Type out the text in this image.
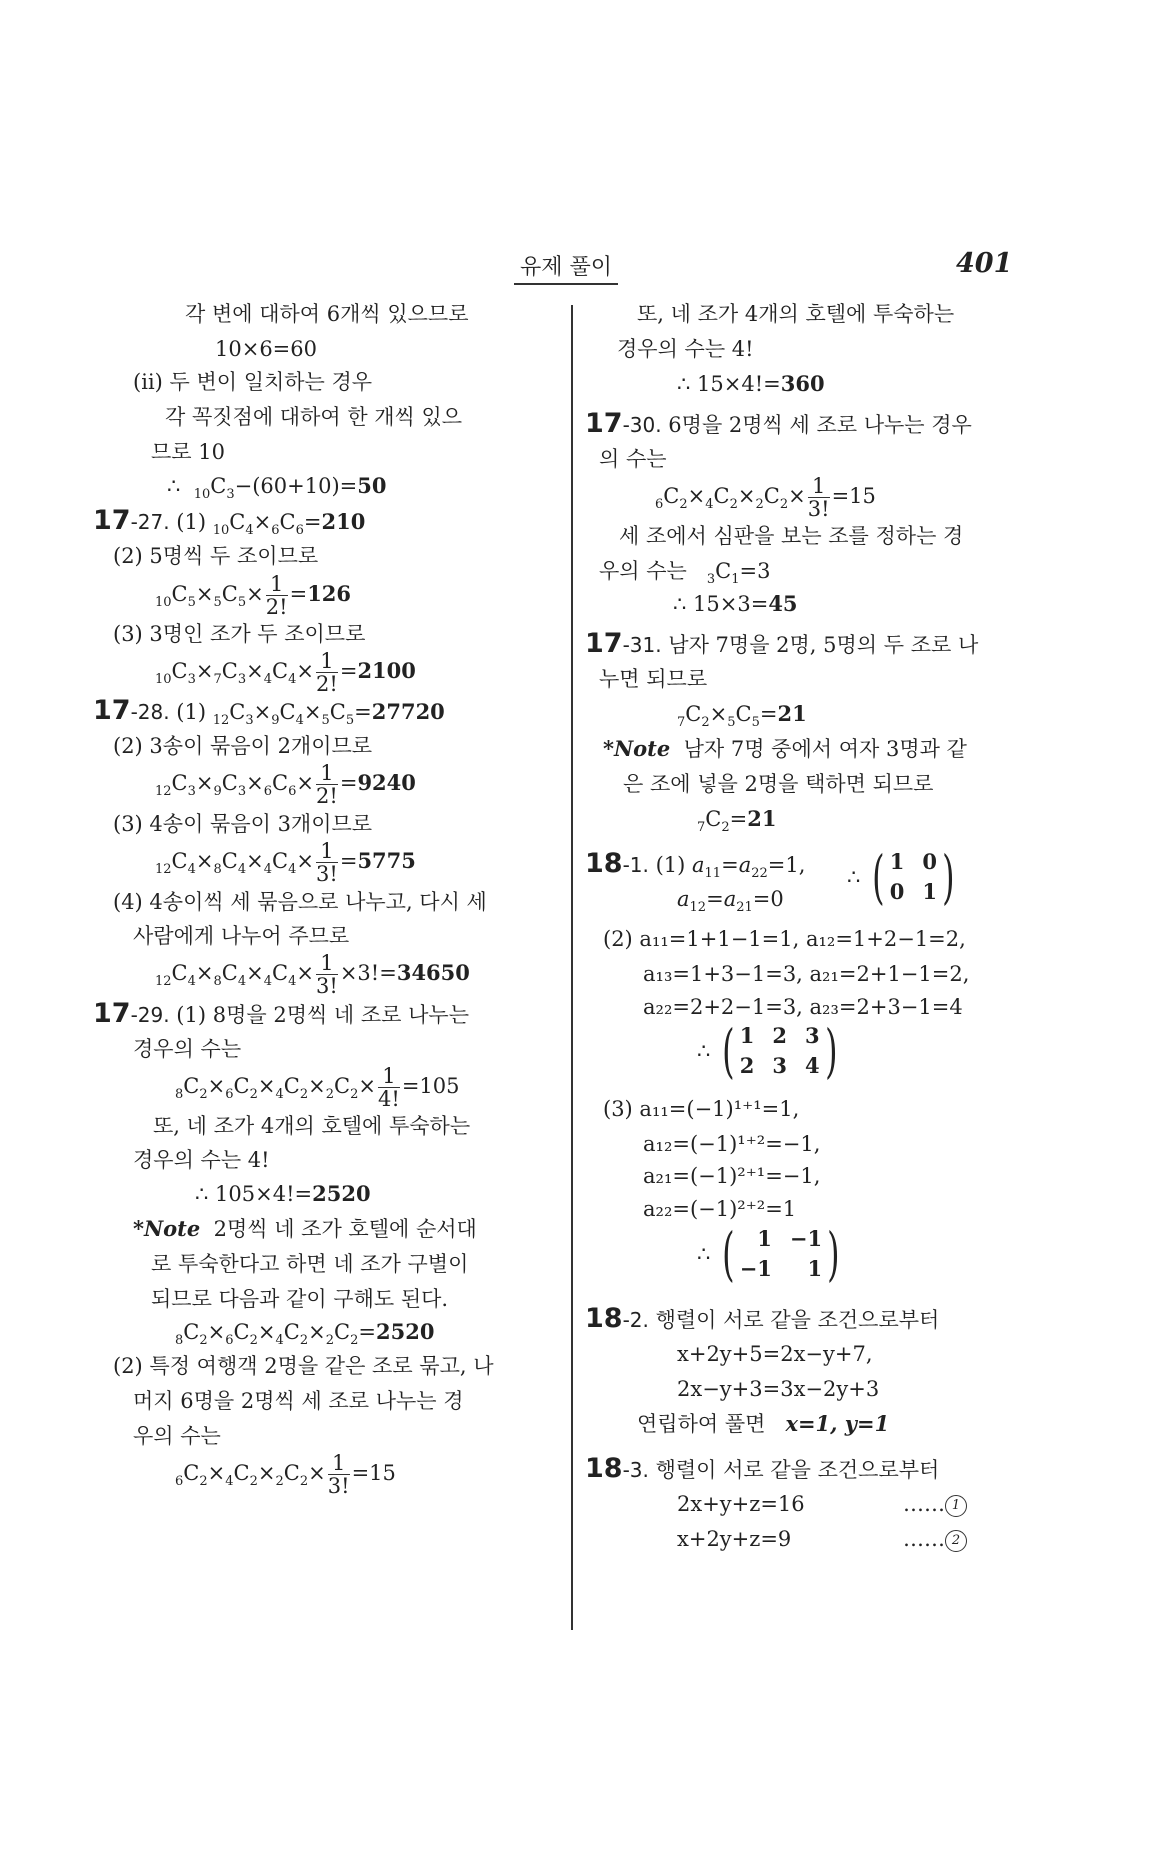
유제 풀이	401
각 변에 대하여 6개씩 있으므로
10×6=60
(ⅱ) 두 변이 일치하는 경우
각 꼭짓점에 대하여 한 개씩 있으
므로 10
∴ $_{10}C_3-(60+10)=50$
17-27. (1) $_{10}C_4\times_6C_6=210$
(2) 5명씩 두 조이므로
$_{10}C_5\times_5C_5\times \frac{1}{2!} =126$
(3) 3명인 조가 두 조이므로
$_{10}C_3\times_7C_3\times_4C_4\times \frac{1}{2!} =2100$
17-28. (1) $_{12}C_3\times_9C_4\times_5C_5=27720$
(2) 3송이 묶음이 2개이므로
$_{12}C_3\times_9C_3\times_6C_6\times \frac{1}{2!} =9240$
(3) 4송이 묶음이 3개이므로
$_{12}C_4\times_8C_4\times_4C_4\times \frac{1}{3!} =5775$
(4) 4송이씩 세 묶음으로 나누고, 다시 세
사람에게 나누어 주므로
$_{12}C_4\times_8C_4\times_4C_4\times \frac{1}{3!} \times 3!=34650$
17-29. (1) 8명을 2명씩 네 조로 나누는
경우의 수는
$_8C_2\times_6C_2\times_4C_2\times_2C_2\times \frac{1}{4!} =105$
또, 네 조가 4개의 호텔에 투숙하는
경우의 수는 4!
∴ 105×4!=2520
*Note 2명씩 네 조가 호텔에 순서대
로 투숙한다고 하면 네 조가 구별이
되므로 다음과 같이 구해도 된다.
$_8C_2\times_6C_2\times_4C_2\times_2C_2=2520$
(2) 특정 여행객 2명을 같은 조로 묶고, 나
머지 6명을 2명씩 세 조로 나누는 경
우의 수는
$_6C_2\times_4C_2\times_2C_2\times \frac{1}{3!} =15$
또, 네 조가 4개의 호텔에 투숙하는
경우의 수는 4!
∴ 15×4!=360
17-30. 6명을 2명씩 세 조로 나누는 경우
의 수는
$_6C_2\times_4C_2\times_2C_2\times \frac{1}{3!} =15$
세 조에서 심판을 보는 조를 정하는 경
우의 수는 $_3C_1=3$
∴ 15×3=45
17-31. 남자 7명을 2명, 5명의 두 조로 나
누면 되므로
$_7C_2\times_5C_5=21$
*Note 남자 7명 중에서 여자 3명과 같
은 조에 넣을 2명을 택하면 되므로
$_7C_2=21$
18-1. (1) $a_{11}=a_{22}=1$,
$a_{12}=a_{21}=0$
∴ ( 1 0
0 1 )
(2) a₁₁=1+1−1=1, a₁₂=1+2−1=2,
a₁₃=1+3−1=3, a₂₁=2+1−1=2,
a₂₂=2+2−1=3, a₂₃=2+3−1=4
∴ ( 1 2 3
2 3 4 )
(3) a₁₁=(−1)¹⁺¹=1,
a₁₂=(−1)¹⁺²=−1,
a₂₁=(−1)²⁺¹=−1,
a₂₂=(−1)²⁺²=1
∴ (	1 −1
−1	1 )
18-2. 행렬이 서로 같을 조건으로부터
x+2y+5=2x−y+7,
2x−y+3=3x−2y+3
연립하여 풀면 x=1, y=1
18-3. 행렬이 서로 같을 조건으로부터
2x+y+z=16	…… 1
x+2y+z=9	…… 2
